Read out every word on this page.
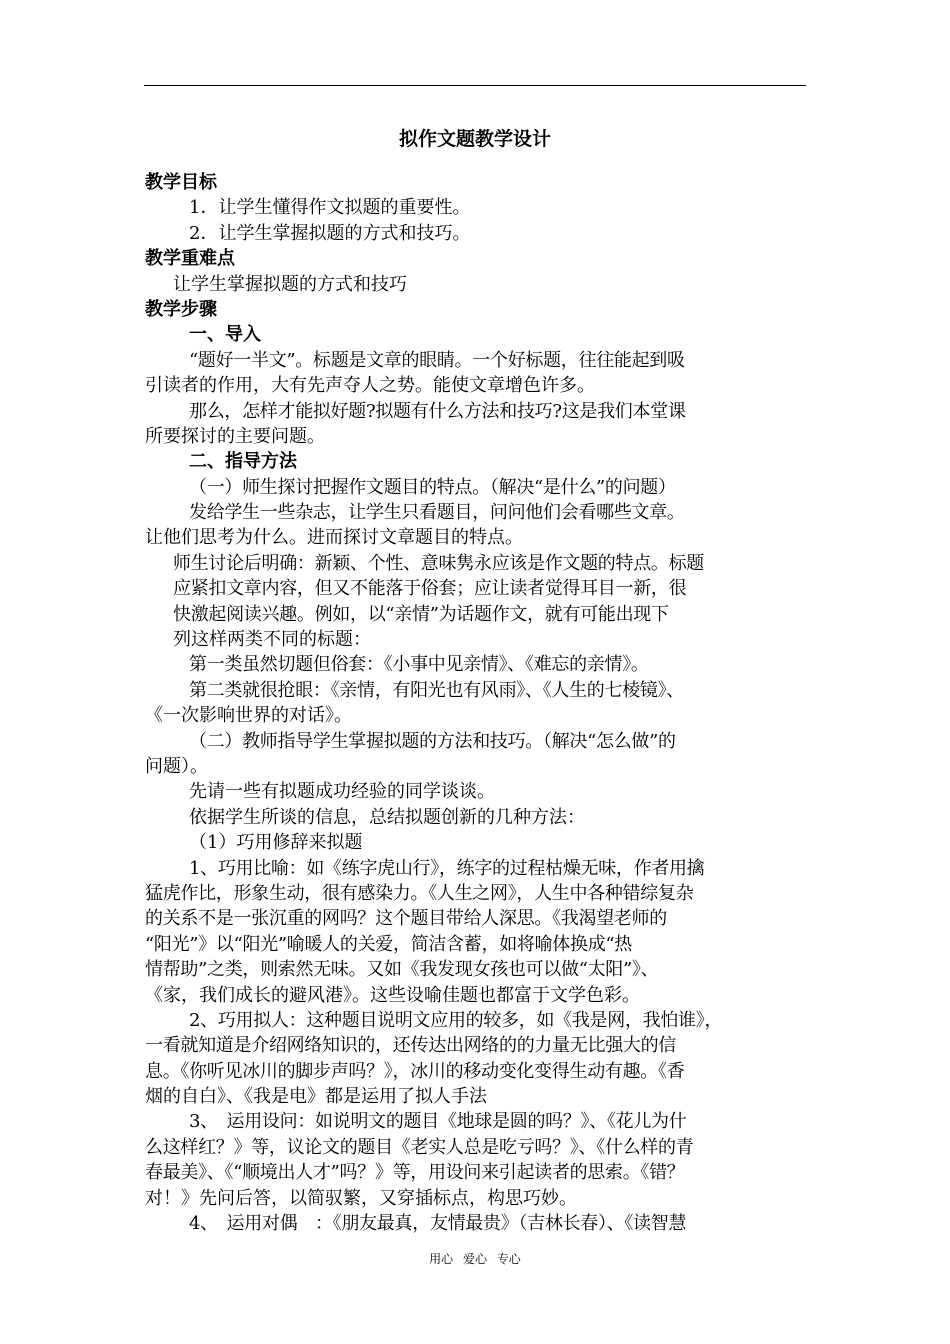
拟作文题教学设计
教学目标
1．让学生懂得作文拟题的重要性。
2．让学生掌握拟题的方式和技巧。
教学重难点
让学生掌握拟题的方式和技巧
教学步骤
一、导入
“题好一半文”。标题是文章的眼睛。一个好标题，往往能起到吸
引读者的作用，大有先声夺人之势。能使文章增色许多。
那么，怎样才能拟好题?拟题有什么方法和技巧?这是我们本堂课
所要探讨的主要问题。
二、指导方法
（一）师生探讨把握作文题目的特点。（解决“是什么”的问题）
发给学生一些杂志，让学生只看题目，问问他们会看哪些文章。
让他们思考为什么。进而探讨文章题目的特点。
师生讨论后明确：新颖、个性、意味隽永应该是作文题的特点。标题
应紧扣文章内容，但又不能落于俗套；应让读者觉得耳目一新，很
快激起阅读兴趣。例如，以“亲情”为话题作文，就有可能出现下
列这样两类不同的标题：
第一类虽然切题但俗套：《小事中见亲情》、《难忘的亲情》。
第二类就很抢眼：《亲情，有阳光也有风雨》、《人生的七棱镜》、
《一次影响世界的对话》。
（二）教师指导学生掌握拟题的方法和技巧。（解决“怎么做”的
问题）。
先请一些有拟题成功经验的同学谈谈。
依据学生所谈的信息，总结拟题创新的几种方法：
（1）巧用修辞来拟题
1、巧用比喻：如《练字虎山行》，练字的过程枯燥无味，作者用擒
猛虎作比，形象生动，很有感染力。《人生之网》，人生中各种错综复杂
的关系不是一张沉重的网吗？这个题目带给人深思。《我渴望老师的
“阳光”》以“阳光”喻暖人的关爱，简洁含蓄，如将喻体换成“热
情帮助”之类，则索然无味。又如《我发现女孩也可以做“太阳”》、
《家，我们成长的避风港》。这些设喻佳题也都富于文学色彩。
2、巧用拟人：这种题目说明文应用的较多，如《我是网，我怕谁》，
一看就知道是介绍网络知识的，还传达出网络的的力量无比强大的信
息。《你听见冰川的脚步声吗？》，冰川的移动变化变得生动有趣。《香
烟的自白》、《我是电》都是运用了拟人手法
3、　运用设问：如说明文的题目《地球是圆的吗？》、《花儿为什
么这样红？》等，议论文的题目《老实人总是吃亏吗？》、《什么样的青
春最美》、《“顺境出人才”吗？》等，用设问来引起读者的思索。《错？
对！》先问后答，以简驭繁，又穿插标点，构思巧妙。
4、　运用对偶　：《朋友最真，友情最贵》（吉林长春）、《读智慧
用心 爱心 专心
